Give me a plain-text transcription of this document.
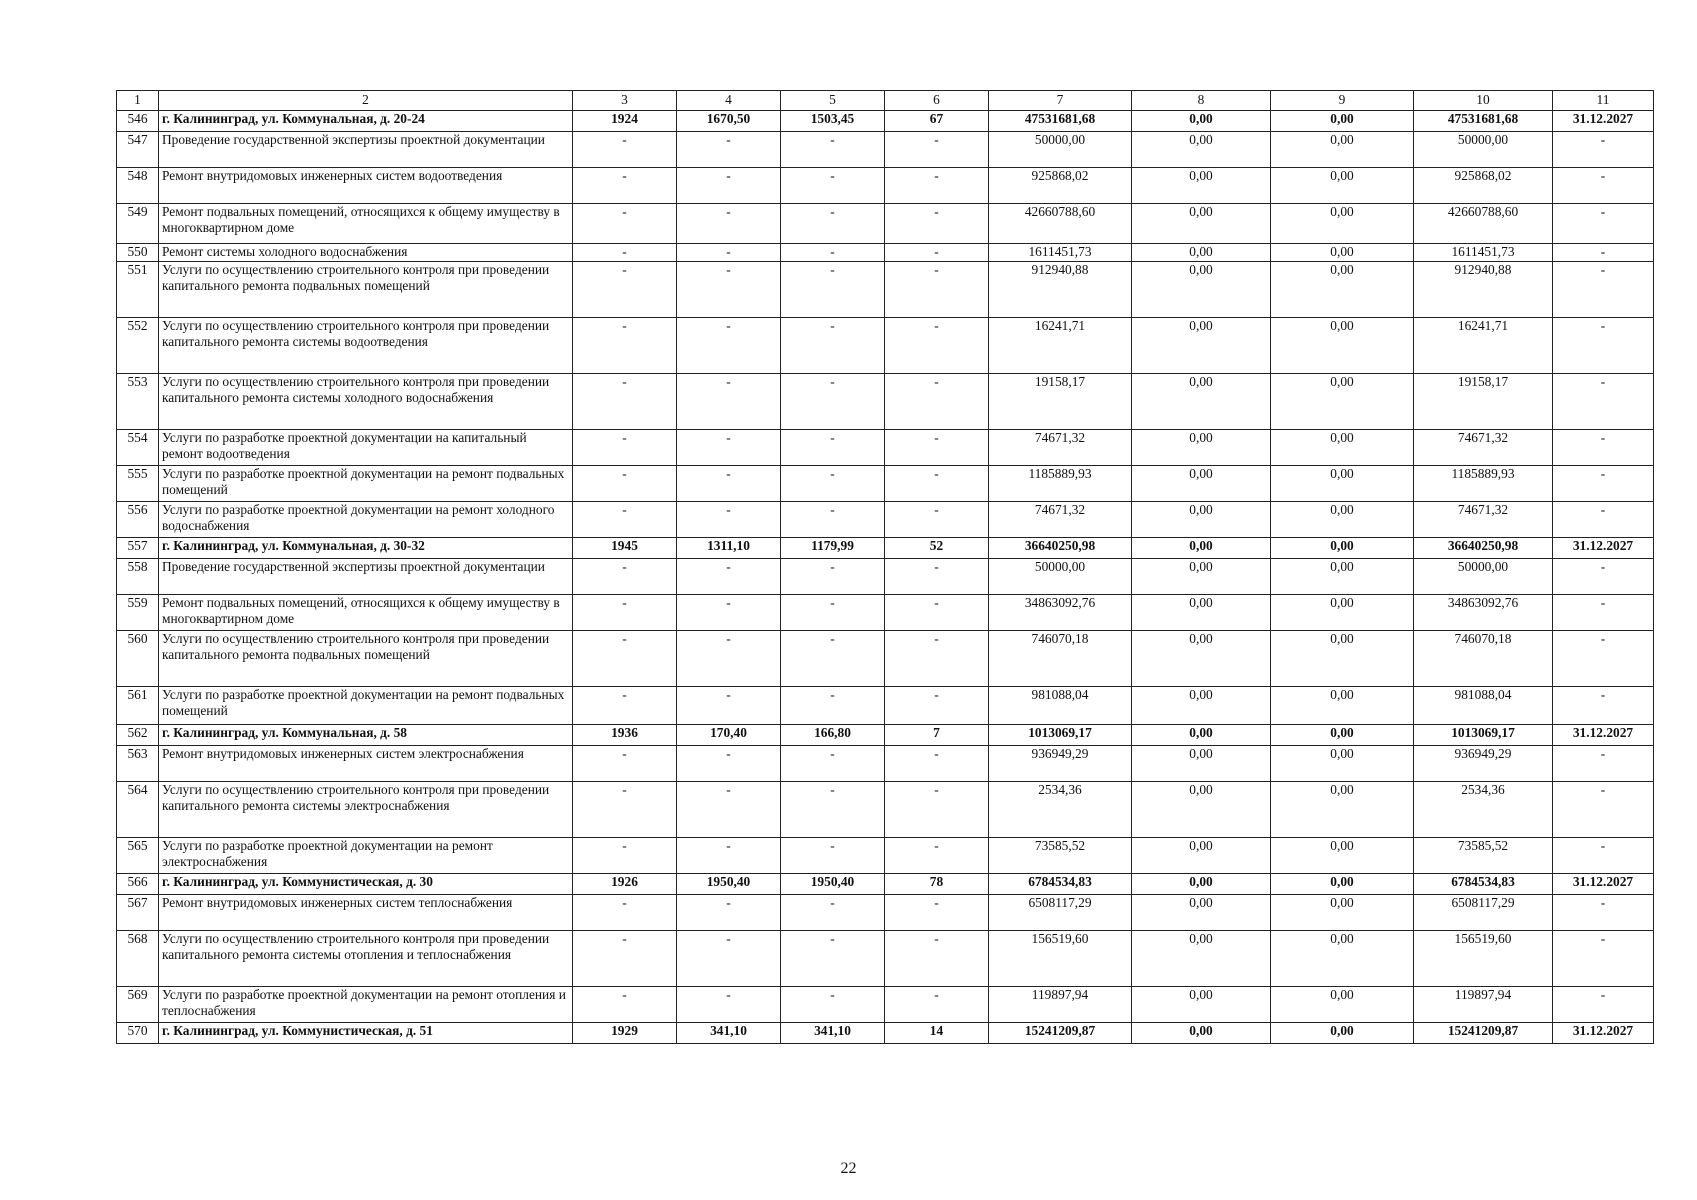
1	2	3	4	5	6	7	8	9	10	11
546	г. Калининград, ул. Коммунальная, д. 20-24	1924	1670,50	1503,45	67	47531681,68	0,00	0,00	47531681,68	31.12.2027
547	Проведение государственной экспертизы проектной документации	-	-	-	-	50000,00	0,00	0,00	50000,00	-
548	Ремонт внутридомовых инженерных систем водоотведения	-	-	-	-	925868,02	0,00	0,00	925868,02	-
549	Ремонт подвальных помещений, относящихся к общему имуществу в многоквартирном доме	-	-	-	-	42660788,60	0,00	0,00	42660788,60	-
550	Ремонт системы холодного водоснабжения	-	-	-	-	1611451,73	0,00	0,00	1611451,73	-
551	Услуги по осуществлению строительного контроля при проведении капитального ремонта подвальных помещений	-	-	-	-	912940,88	0,00	0,00	912940,88	-
552	Услуги по осуществлению строительного контроля при проведении капитального ремонта системы водоотведения	-	-	-	-	16241,71	0,00	0,00	16241,71	-
553	Услуги по осуществлению строительного контроля при проведении капитального ремонта системы холодного водоснабжения	-	-	-	-	19158,17	0,00	0,00	19158,17	-
554	Услуги по разработке проектной документации на капитальный ремонт водоотведения	-	-	-	-	74671,32	0,00	0,00	74671,32	-
555	Услуги по разработке проектной документации на ремонт подвальных помещений	-	-	-	-	1185889,93	0,00	0,00	1185889,93	-
556	Услуги по разработке проектной документации на ремонт холодного водоснабжения	-	-	-	-	74671,32	0,00	0,00	74671,32	-
557	г. Калининград, ул. Коммунальная, д. 30-32	1945	1311,10	1179,99	52	36640250,98	0,00	0,00	36640250,98	31.12.2027
558	Проведение государственной экспертизы проектной документации	-	-	-	-	50000,00	0,00	0,00	50000,00	-
559	Ремонт подвальных помещений, относящихся к общему имуществу в многоквартирном доме	-	-	-	-	34863092,76	0,00	0,00	34863092,76	-
560	Услуги по осуществлению строительного контроля при проведении капитального ремонта подвальных помещений	-	-	-	-	746070,18	0,00	0,00	746070,18	-
561	Услуги по разработке проектной документации на ремонт подвальных помещений	-	-	-	-	981088,04	0,00	0,00	981088,04	-
562	г. Калининград, ул. Коммунальная, д. 58	1936	170,40	166,80	7	1013069,17	0,00	0,00	1013069,17	31.12.2027
563	Ремонт внутридомовых инженерных систем электроснабжения	-	-	-	-	936949,29	0,00	0,00	936949,29	-
564	Услуги по осуществлению строительного контроля при проведении капитального ремонта системы электроснабжения	-	-	-	-	2534,36	0,00	0,00	2534,36	-
565	Услуги по разработке проектной документации на ремонт электроснабжения	-	-	-	-	73585,52	0,00	0,00	73585,52	-
566	г. Калининград, ул. Коммунистическая, д. 30	1926	1950,40	1950,40	78	6784534,83	0,00	0,00	6784534,83	31.12.2027
567	Ремонт внутридомовых инженерных систем теплоснабжения	-	-	-	-	6508117,29	0,00	0,00	6508117,29	-
568	Услуги по осуществлению строительного контроля при проведении капитального ремонта системы отопления и теплоснабжения	-	-	-	-	156519,60	0,00	0,00	156519,60	-
569	Услуги по разработке проектной документации на ремонт отопления и теплоснабжения	-	-	-	-	119897,94	0,00	0,00	119897,94	-
570	г. Калининград, ул. Коммунистическая, д. 51	1929	341,10	341,10	14	15241209,87	0,00	0,00	15241209,87	31.12.2027
22
